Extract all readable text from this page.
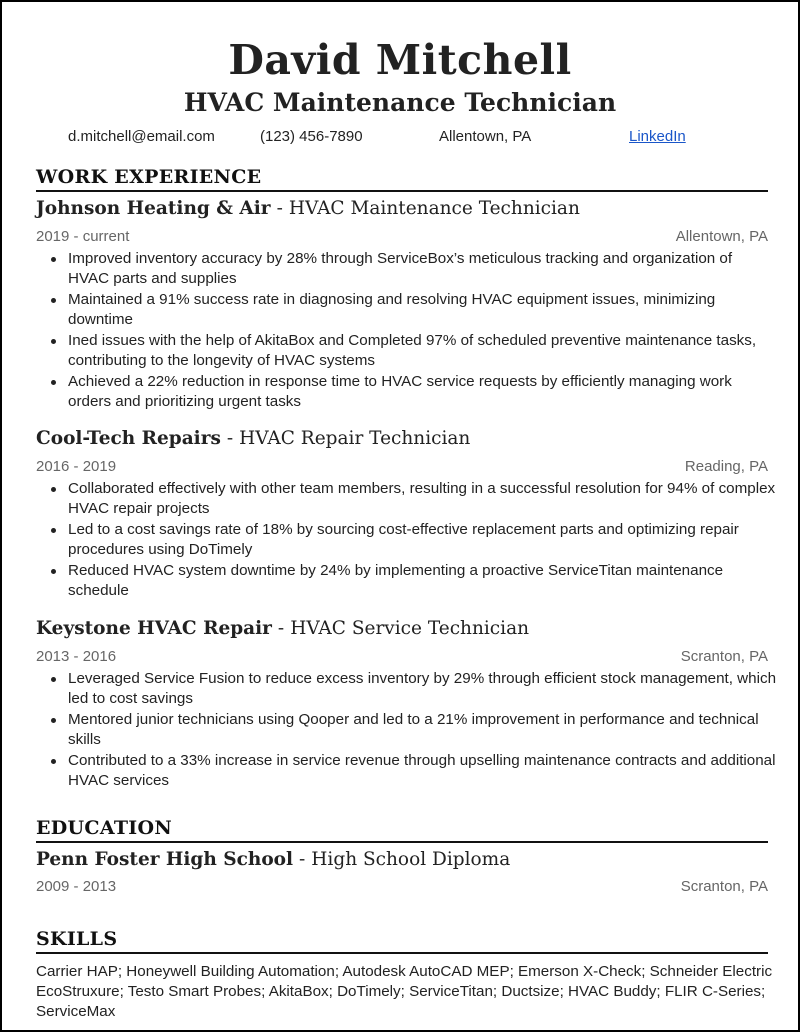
David Mitchell
HVAC Maintenance Technician
d.mitchell@email.com	(123) 456-7890	Allentown, PA	LinkedIn
WORK EXPERIENCE
Johnson Heating & Air - HVAC Maintenance Technician
2019 - current	Allentown, PA
Improved inventory accuracy by 28% through ServiceBox’s meticulous tracking and organization of HVAC parts and supplies
Maintained a 91% success rate in diagnosing and resolving HVAC equipment issues, minimizing downtime
Ined issues with the help of AkitaBox and Completed 97% of scheduled preventive maintenance tasks, contributing to the longevity of HVAC systems
Achieved a 22% reduction in response time to HVAC service requests by efficiently managing work orders and prioritizing urgent tasks
Cool-Tech Repairs - HVAC Repair Technician
2016 - 2019	Reading, PA
Collaborated effectively with other team members, resulting in a successful resolution for 94% of complex HVAC repair projects
Led to a cost savings rate of 18% by sourcing cost-effective replacement parts and optimizing repair procedures using DoTimely
Reduced HVAC system downtime by 24% by implementing a proactive ServiceTitan maintenance schedule
Keystone HVAC Repair - HVAC Service Technician
2013 - 2016	Scranton, PA
Leveraged Service Fusion to reduce excess inventory by 29% through efficient stock management, which led to cost savings
Mentored junior technicians using Qooper and led to a 21% improvement in performance and technical skills
Contributed to a 33% increase in service revenue through upselling maintenance contracts and additional HVAC services
EDUCATION
Penn Foster High School - High School Diploma
2009 - 2013	Scranton, PA
SKILLS
Carrier HAP; Honeywell Building Automation; Autodesk AutoCAD MEP; Emerson X-Check; Schneider Electric EcoStruxure; Testo Smart Probes; AkitaBox; DoTimely; ServiceTitan; Ductsize; HVAC Buddy; FLIR C-Series; ServiceMax
